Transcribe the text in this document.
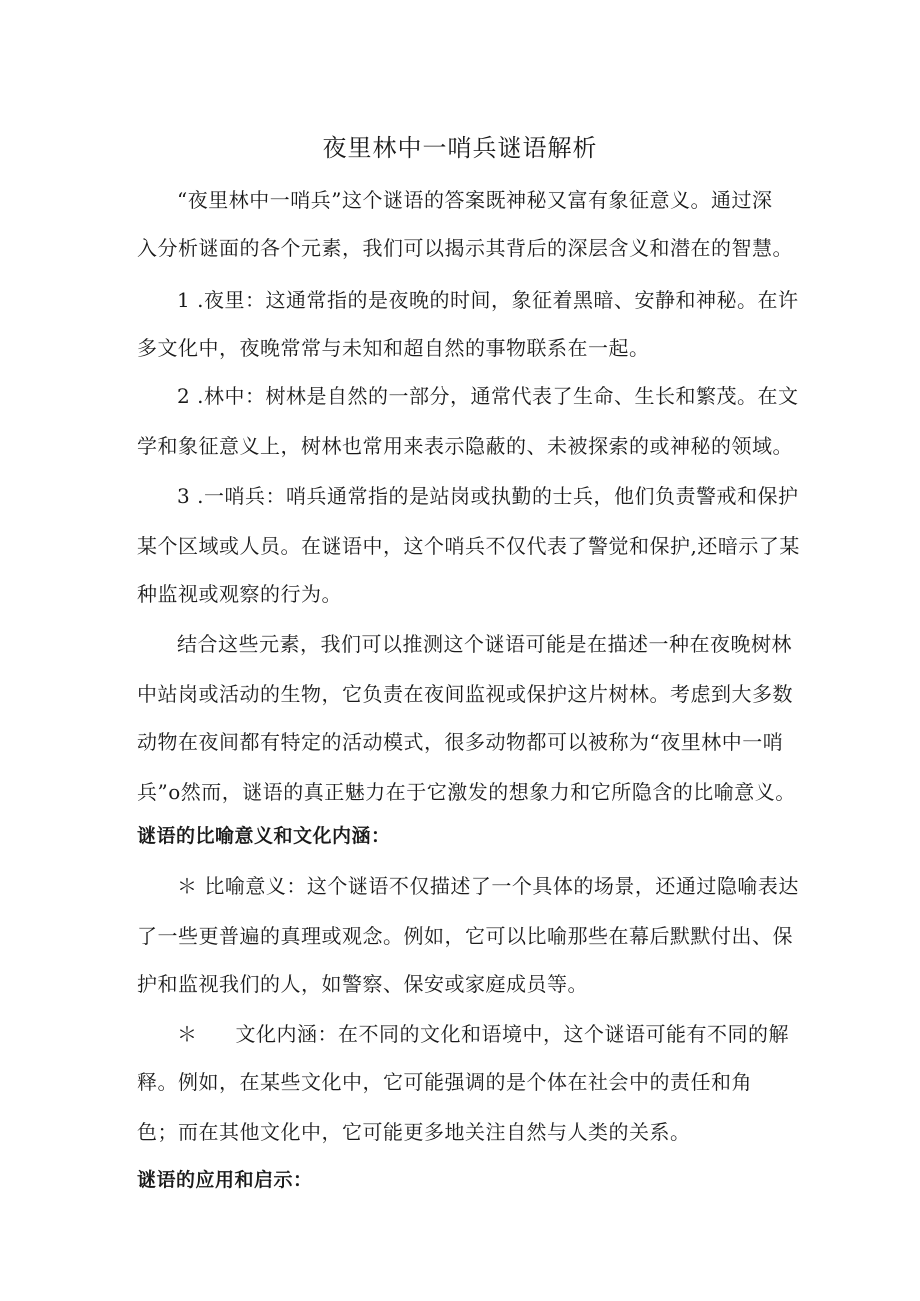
夜里林中一哨兵谜语解析
“夜里林中一哨兵”这个谜语的答案既神秘又富有象征意义。通过深
入分析谜面的各个元素，我们可以揭示其背后的深层含义和潜在的智慧。
1 .夜里：这通常指的是夜晚的时间，象征着黑暗、安静和神秘。在许
多文化中，夜晚常常与未知和超自然的事物联系在一起。
2 .林中：树林是自然的一部分，通常代表了生命、生长和繁茂。在文
学和象征意义上，树林也常用来表示隐蔽的、未被探索的或神秘的领域。
3 .一哨兵：哨兵通常指的是站岗或执勤的士兵，他们负责警戒和保护
某个区域或人员。在谜语中，这个哨兵不仅代表了警觉和保护,还暗示了某
种监视或观察的行为。
结合这些元素，我们可以推测这个谜语可能是在描述一种在夜晚树林
中站岗或活动的生物，它负责在夜间监视或保护这片树林。考虑到大多数
动物在夜间都有特定的活动模式，很多动物都可以被称为“夜里林中一哨
兵”o然而，谜语的真正魅力在于它激发的想象力和它所隐含的比喻意义。
谜语的比喻意义和文化内涵：
＊ 比喻意义：这个谜语不仅描述了一个具体的场景，还通过隐喻表达
了一些更普遍的真理或观念。例如，它可以比喻那些在幕后默默付出、保
护和监视我们的人，如警察、保安或家庭成员等。
＊ 文化内涵：在不同的文化和语境中，这个谜语可能有不同的解
释。例如，在某些文化中，它可能强调的是个体在社会中的责任和角
色；而在其他文化中，它可能更多地关注自然与人类的关系。
谜语的应用和启示：
